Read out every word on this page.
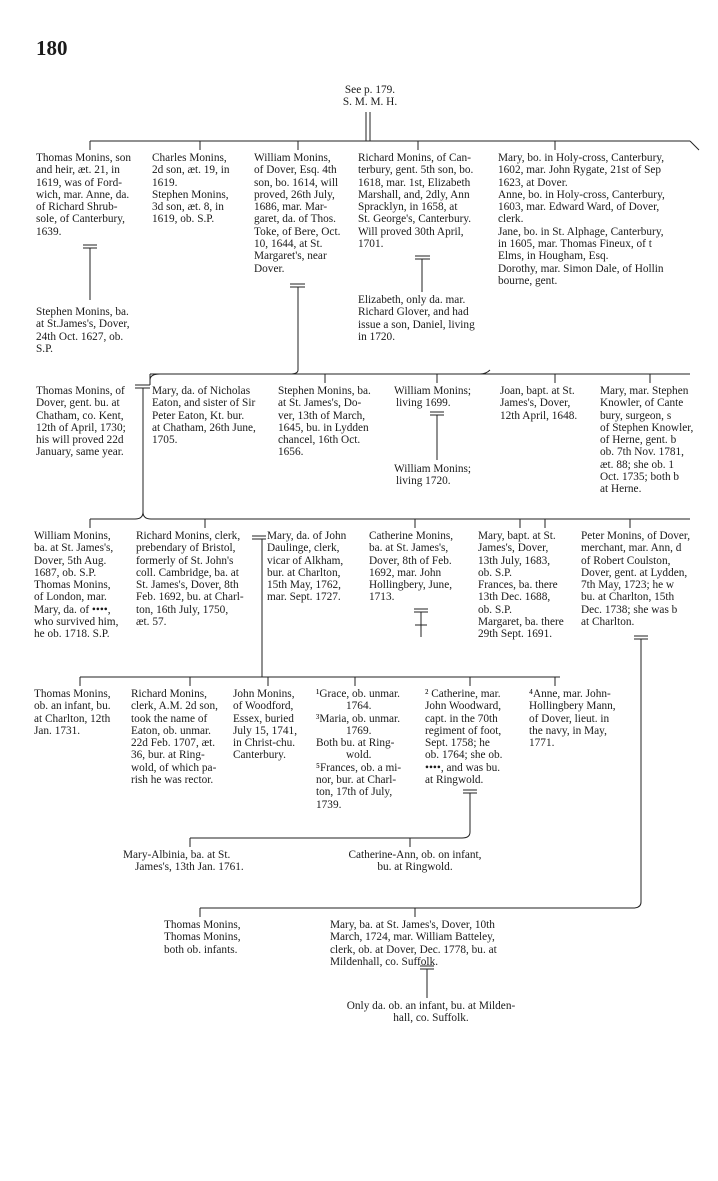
180
See p. 179.
S. M. M. H.
Thomas Monins, son
and heir, æt. 21, in
1619, was of Ford-
wich, mar. Anne, da.
of Richard Shrub-
sole, of Canterbury,
1639.
Charles Monins,
2d son, æt. 19, in
1619.
Stephen Monins,
3d son, æt. 8, in
1619, ob. S.P.
William Monins,
of Dover, Esq. 4th
son, bo. 1614, will
proved, 26th July,
1686, mar. Mar-
garet, da. of Thos.
Toke, of Bere, Oct.
10, 1644, at St.
Margaret's, near
Dover.
Richard Monins, of Can-
terbury, gent. 5th son, bo.
1618, mar. 1st, Elizabeth
Marshall, and, 2dly, Ann
Spracklyn, in 1658, at
St. George's, Canterbury.
Will proved 30th April,
1701.
Mary, bo. in Holy-cross, Canterbury,
1602, mar. John Rygate, 21st of Sep
1623, at Dover.
Anne, bo. in Holy-cross, Canterbury,
1603, mar. Edward Ward, of Dover,
clerk.
Jane, bo. in St. Alphage, Canterbury,
in 1605, mar. Thomas Fineux, of t
Elms, in Hougham, Esq.
Dorothy, mar. Simon Dale, of Hollin
bourne, gent.
Stephen Monins, ba.
at St.James's, Dover,
24th Oct. 1627, ob.
S.P.
Elizabeth, only da. mar.
Richard Glover, and had
issue a son, Daniel, living
in 1720.
Thomas Monins, of
Dover, gent. bu. at
Chatham, co. Kent,
12th of April, 1730;
his will proved 22d
January, same year.
Mary, da. of Nicholas
Eaton, and sister of Sir
Peter Eaton, Kt. bur.
at Chatham, 26th June,
1705.
Stephen Monins, ba.
at St. James's, Do-
ver, 13th of March,
1645, bu. in Lydden
chancel, 16th Oct.
1656.
William Monins;
living 1699.
William Monins;
living 1720.
Joan, bapt. at St.
James's, Dover,
12th April, 1648.
Mary, mar. Stephen
Knowler, of Cante
bury, surgeon, s
of Stephen Knowler,
of Herne, gent. b
ob. 7th Nov. 1781,
æt. 88; she ob. 1
Oct. 1735; both b
at Herne.
William Monins,
ba. at St. James's,
Dover, 5th Aug.
1687, ob. S.P.
Thomas Monins,
of London, mar.
Mary, da. of ••••,
who survived him,
he ob. 1718. S.P.
Richard Monins, clerk,
prebendary of Bristol,
formerly of St. John's
coll. Cambridge, ba. at
St. James's, Dover, 8th
Feb. 1692, bu. at Charl-
ton, 16th July, 1750,
æt. 57.
Mary, da. of John
Daulinge, clerk,
vicar of Alkham,
bur. at Charlton,
15th May, 1762,
mar. Sept. 1727.
Catherine Monins,
ba. at St. James's,
Dover, 8th of Feb.
1692, mar. John
Hollingbery, June,
1713.
Mary, bapt. at St.
James's, Dover,
13th July, 1683,
ob. S.P.
Frances, ba. there
13th Dec. 1688,
ob. S.P.
Margaret, ba. there
29th Sept. 1691.
Peter Monins, of Dover,
merchant, mar. Ann, d
of Robert Coulston,
Dover, gent. at Lydden,
7th May, 1723; he w
bu. at Charlton, 15th
Dec. 1738; she was b
at Charlton.
Thomas Monins,
ob. an infant, bu.
at Charlton, 12th
Jan. 1731.
Richard Monins,
clerk, A.M. 2d son,
took the name of
Eaton, ob. unmar.
22d Feb. 1707, æt.
36, bur. at Ring-
wold, of which pa-
rish he was rector.
John Monins,
of Woodford,
Essex, buried
July 15, 1741,
in Christ-chu.
Canterbury.
¹Grace, ob. unmar.
1764.
³Maria, ob. unmar.
1769.
Both bu. at Ring-
wold.
⁵Frances, ob. a mi-
nor, bur. at Charl-
ton, 17th of July,
1739.
² Catherine, mar.
John Woodward,
capt. in the 70th
regiment of foot,
Sept. 1758; he
ob. 1764; she ob.
••••, and was bu.
at Ringwold.
⁴Anne, mar. John-
Hollingbery Mann,
of Dover, lieut. in
the navy, in May,
1771.
Mary-Albinia, ba. at St.
James's, 13th Jan. 1761.
Catherine-Ann, ob. on infant,
bu. at Ringwold.
Thomas Monins,
Thomas Monins,
both ob. infants.
Mary, ba. at St. James's, Dover, 10th
March, 1724, mar. William Batteley,
clerk, ob. at Dover, Dec. 1778, bu. at
Mildenhall, co. Suffolk.
Only da. ob. an infant, bu. at Milden-
hall, co. Suffolk.
